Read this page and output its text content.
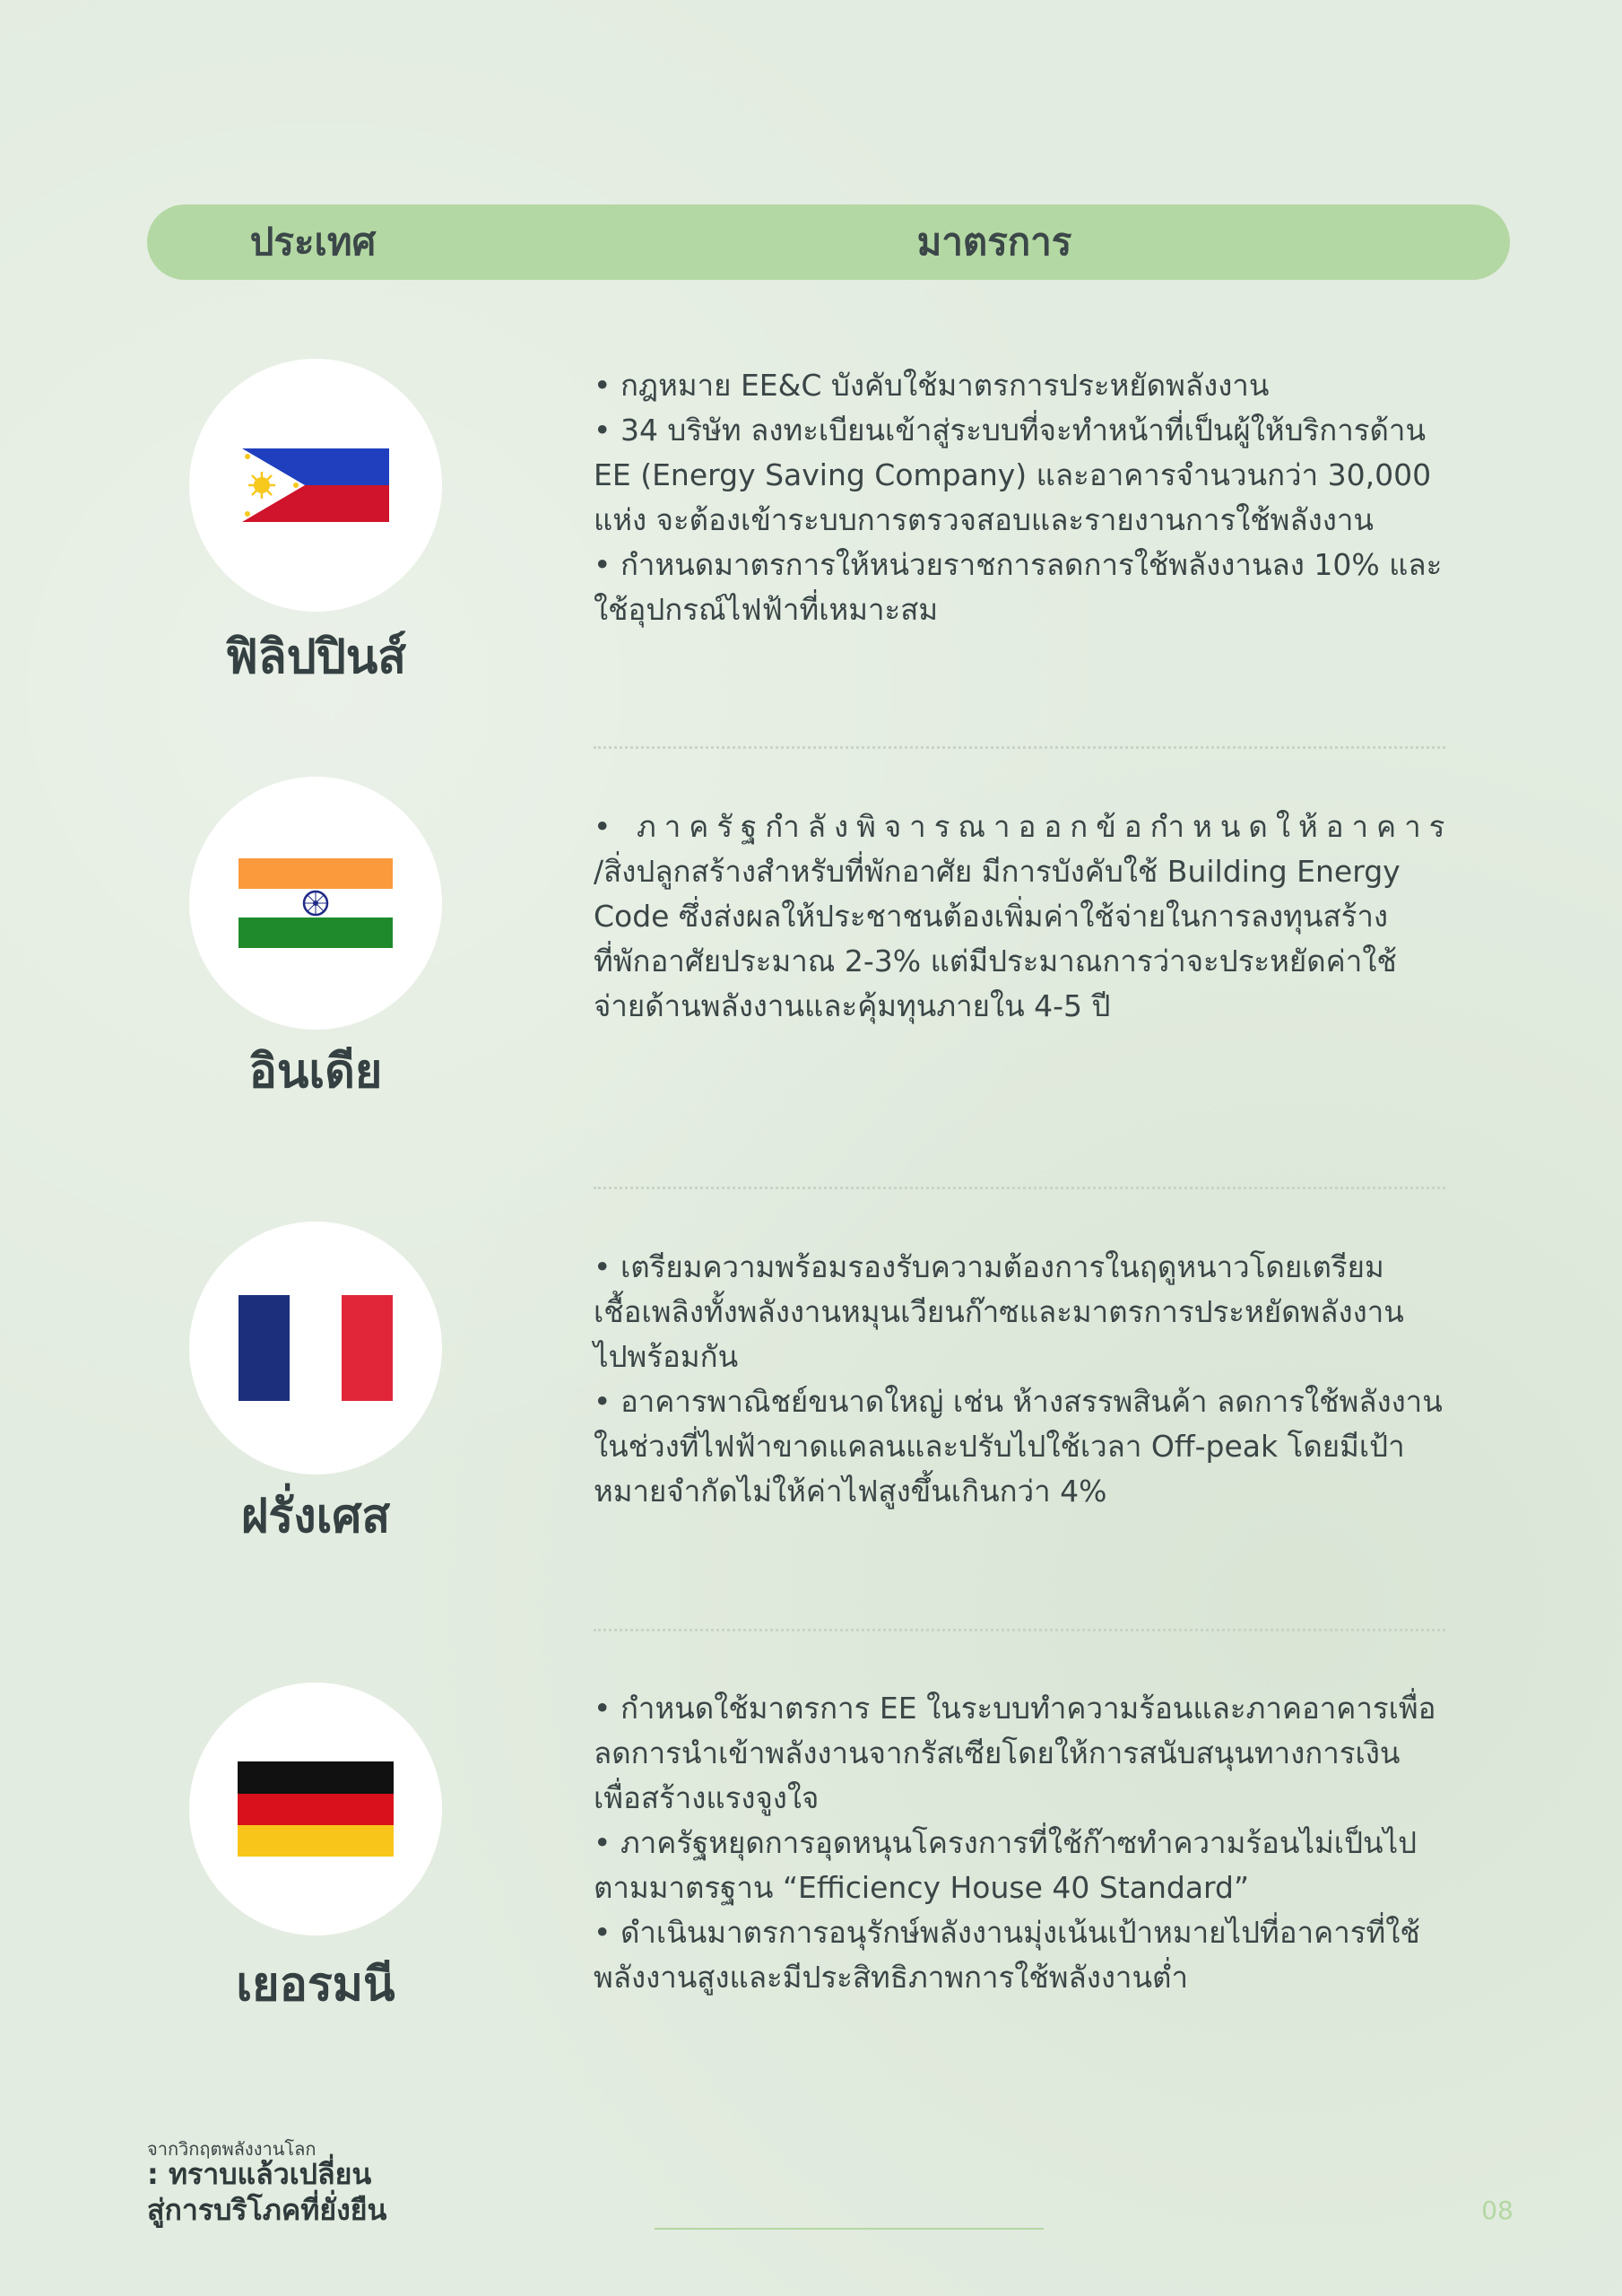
ประเทศ	มาตรการ
ฟิลิปปินส์

• กฎหมาย EE&C บังคับใช้มาตรการประหยัดพลังงาน

• 34 บริษัท ลงทะเบียนเข้าสู่ระบบที่จะทำหน้าที่เป็นผู้ให้บริการด้าน

EE (Energy Saving Company) และอาคารจำนวนกว่า 30,000

แห่ง จะต้องเข้าระบบการตรวจสอบและรายงานการใช้พลังงาน

• กำหนดมาตรการให้หน่วยราชการลดการใช้พลังงานลง 10% และ

ใช้อุปกรณ์ไฟฟ้าที่เหมาะสม

อินเดีย

• ภาครัฐกำลังพิจารณาออกข้อกำหนดให้อาคาร

/สิ่งปลูกสร้างสำหรับที่พักอาศัย มีการบังคับใช้ Building Energy

Code ซึ่งส่งผลให้ประชาชนต้องเพิ่มค่าใช้จ่ายในการลงทุนสร้าง

ที่พักอาศัยประมาณ 2-3% แต่มีประมาณการว่าจะประหยัดค่าใช้

จ่ายด้านพลังงานและคุ้มทุนภายใน 4-5 ปี

ฝรั่งเศส

• เตรียมความพร้อมรองรับความต้องการในฤดูหนาวโดยเตรียม

เชื้อเพลิงทั้งพลังงานหมุนเวียนก๊าซและมาตรการประหยัดพลังงาน

ไปพร้อมกัน

• อาคารพาณิชย์ขนาดใหญ่ เช่น ห้างสรรพสินค้า ลดการใช้พลังงาน

ในช่วงที่ไฟฟ้าขาดแคลนและปรับไปใช้เวลา Off-peak โดยมีเป้า

หมายจำกัดไม่ให้ค่าไฟสูงขึ้นเกินกว่า 4%

เยอรมนี

• กำหนดใช้มาตรการ EE ในระบบทำความร้อนและภาคอาคารเพื่อ

ลดการนำเข้าพลังงานจากรัสเซียโดยให้การสนับสนุนทางการเงิน

เพื่อสร้างแรงจูงใจ

• ภาครัฐหยุดการอุดหนุนโครงการที่ใช้ก๊าซทำความร้อนไม่เป็นไป

ตามมาตรฐาน “Efficiency House 40 Standard”

• ดำเนินมาตรการอนุรักษ์พลังงานมุ่งเน้นเป้าหมายไปที่อาคารที่ใช้

พลังงานสูงและมีประสิทธิภาพการใช้พลังงานต่ำ

จากวิกฤตพลังงานโลก
: ทราบแล้วเปลี่ยน
สู่การบริโภคที่ยั่งยืน	08
